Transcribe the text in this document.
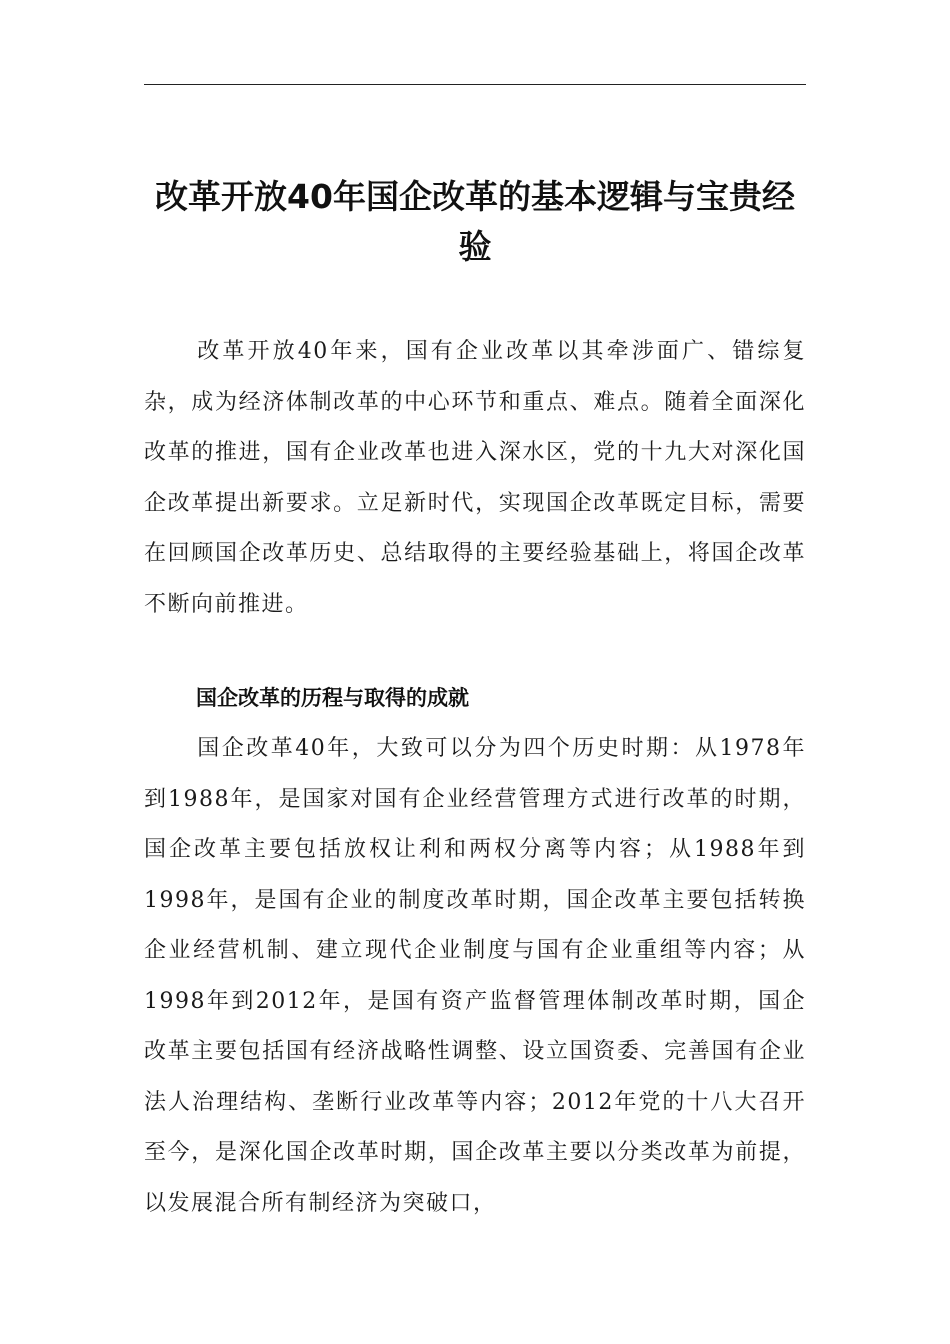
改革开放40年国企改革的基本逻辑与宝贵经验

改革开放40年来，国有企业改革以其牵涉面广、错综复杂，成为经济体制改革的中心环节和重点、难点。随着全面深化改革的推进，国有企业改革也进入深水区，党的十九大对深化国企改革提出新要求。立足新时代，实现国企改革既定目标，需要在回顾国企改革历史、总结取得的主要经验基础上，将国企改革不断向前推进。

国企改革的历程与取得的成就

国企改革40年，大致可以分为四个历史时期：从1978年到1988年，是国家对国有企业经营管理方式进行改革的时期，国企改革主要包括放权让利和两权分离等内容；从1988年到1998年，是国有企业的制度改革时期，国企改革主要包括转换企业经营机制、建立现代企业制度与国有企业重组等内容；从1998年到2012年，是国有资产监督管理体制改革时期，国企改革主要包括国有经济战略性调整、设立国资委、完善国有企业法人治理结构、垄断行业改革等内容；2012年党的十八大召开至今，是深化国企改革时期，国企改革主要以分类改革为前提，以发展混合所有制经济为突破口，
